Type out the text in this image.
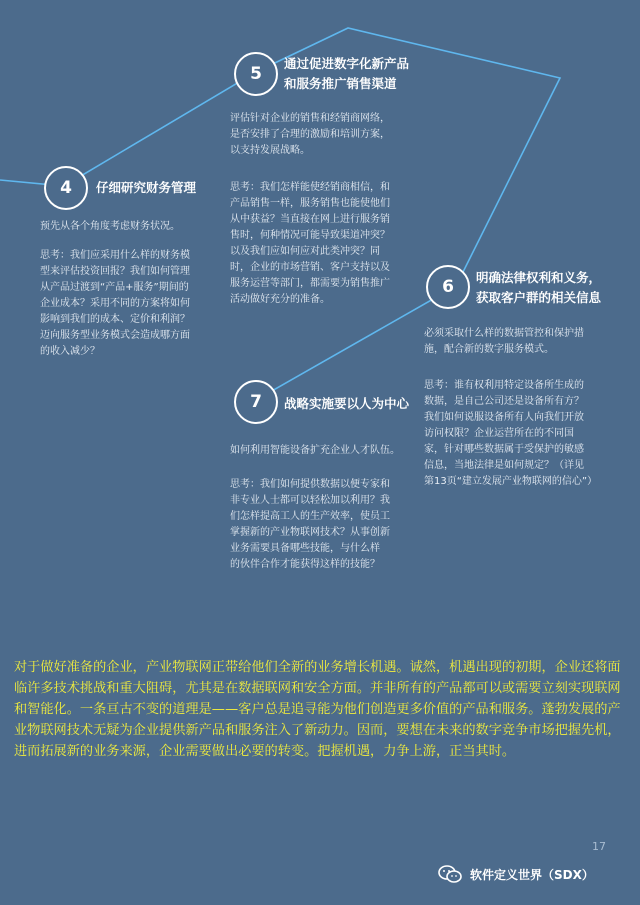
4 仔细研究财务管理

预先从各个角度考虑财务状况。

思考：我们应采用什么样的财务模
型来评估投资回报？我们如何管理
从产品过渡到“产品+服务”期间的
企业成本？采用不同的方案将如何
影响到我们的成本、定价和利润？
迈向服务型业务模式会造成哪方面
的收入减少？

5
通过促进数字化新产品
和服务推广销售渠道

评估针对企业的销售和经销商网络，
是否安排了合理的激励和培训方案，
以支持发展战略。

思考：我们怎样能使经销商相信，和
产品销售一样，服务销售也能使他们
从中获益？当直接在网上进行服务销
售时，何种情况可能导致渠道冲突？
以及我们应如何应对此类冲突？同
时，企业的市场营销、客户支持以及
服务运营等部门，都需要为销售推广
活动做好充分的准备。

6 明确法律权利和义务，
获取客户群的相关信息

必须采取什么样的数据管控和保护措
施，配合新的数字服务模式。

思考：谁有权利用特定设备所生成的
数据，是自己公司还是设备所有方？
我们如何说服设备所有人向我们开放
访问权限？企业运营所在的不同国
家，针对哪些数据属于受保护的敏感
信息，当地法律是如何规定？（详见
第13页“建立发展产业物联网的信心”）

7 战略实施要以人为中心

如何利用智能设备扩充企业人才队伍。

思考：我们如何提供数据以便专家和
非专业人士都可以轻松加以利用？我
们怎样提高工人的生产效率，使员工
掌握新的产业物联网技术？从事创新
业务需要具备哪些技能，与什么样
的伙伴合作才能获得这样的技能？

对于做好准备的企业，产业物联网正带给他们全新的业务增长机遇。诚然，机遇出现的初期，企业还将面临许多技术挑战和重大阻碍，尤其是在数据联网和安全方面。并非所有的产品都可以或需要立刻实现联网和智能化。一条亘古不变的道理是——客户总是追寻能为他们创造更多价值的产品和服务。蓬勃发展的产业物联网技术无疑为企业提供新产品和服务注入了新动力。因而，要想在未来的数字竞争市场把握先机，进而拓展新的业务来源，企业需要做出必要的转变。把握机遇，力争上游，正当其时。

17
软件定义世界（SDX）
